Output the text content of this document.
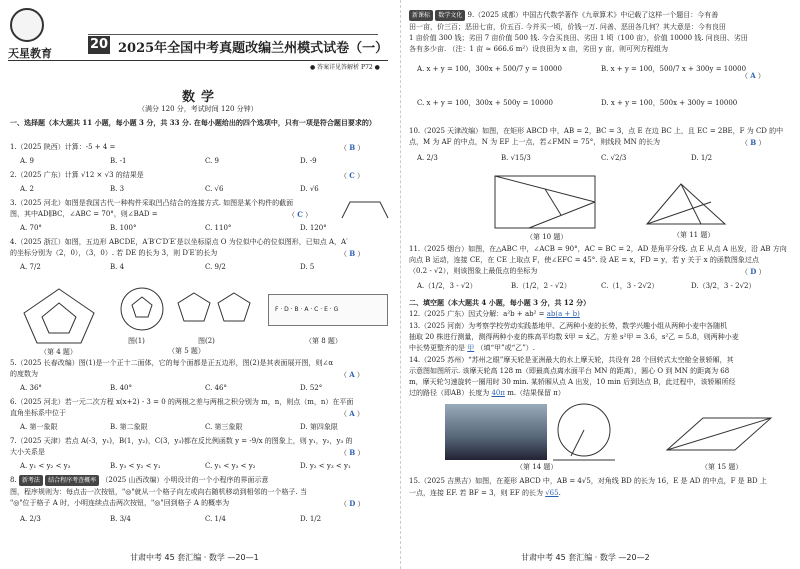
20
天星教育	2025年全国中考真题改编兰州模式试卷（一）
● 答案详见答解析 P72 ●
数学
（满分 120 分，考试时间 120 分钟）
一、选择题（本大题共 11 小题，每小题 3 分，共 33 分. 在每小题给出的四个选项中，只有一项是符合题目要求的）
1.（2025 陕西）计算：-5 + 4 =	（ B ）
A. 9	B. -1	C. 9	D. -9
2.（2025 广东）计算 √12 × √3 的结果是	（ C ）
A. 2	B. 3	C. √6	D. √6
3.（2025 河北）如图是我国古代一种构件采取凹凸结合的连接方式. 如图是某个构件的截面
图，其中AD∥BC，∠ABC = 70°，则∠BAD =	（ C ）
A. 70°	B. 100°	C. 110°	D. 120°
4.（2025 浙江）如图，五边形 ABCDE，A′B′C′D′E′是以坐标原点 O 为位似中心的位似图形，已知点 A，A′
的坐标分别为（2，0），（3，0）. 若 DE 的长为 3，则 D′E′的长为	（ B ）
A. 7/2	B. 4	C. 9/2	D. 5
F · D · B · A · C · E · G
（第 4 题）
图(1)	图(2)
（第 5 题）
（第 8 题）
5.（2025 长春改编）图(1)是一个正十二面体，它的每个面都是正五边形，图(2)是其表面展开图，则∠α
的度数为	（ A ）
A. 36°	B. 40°	C. 46°	D. 52°
6.（2025 河北）若一元二次方程 x(x+2) - 3 = 0 的两根之差与两根之积分别为 m，n，则点（m，n）在平面
直角坐标系中位于	（ A ）
A. 第一象限	B. 第二象限	C. 第三象限	D. 第四象限
7.（2025 天津）若点 A(-3，y₁)，B(1，y₂)，C(3，y₃)都在反比例函数 y = -9/x 的图象上，则 y₁，y₂，y₃ 的
大小关系是	（ B ）
A. y₁ < y₂ < y₃	B. y₃ < y₂ < y₁	C. y₁ < y₃ < y₂	D. y₂ < y₃ < y₁
8. 新考法 结合程序考查概率 （2025 山西改编）小明设计的一个小程序的界面示意
图，程序规则为：每点击一次按钮，"◎"就从一个格子向左或向右随机移动到相邻的一个格子. 当
"◎"位于格子 A 时，小明连续点击两次按钮，"◎"回到格子 A 的概率为	（ D ）
A. 2/3	B. 3/4	C. 1/4	D. 1/2
甘肃中考 45 套汇编 · 数学 —20—1
新课标 数学文化 9.（2025 成都）中国古代数学著作《九章算术》中记载了这样一个题目：今有善
田一亩，价三百；恶田七亩，价五百. 今并买一顷，价钱一万. 问善、恶田各几何？其大意是：今有良田
1 亩价值 300 钱；劣田 7 亩价值 500 钱. 今合买良田、劣田 1 顷（100 亩），价值 10000 钱. 问良田、劣田
各有多少亩. （注：1 亩 ≈ 666.6 m²）设良田为 x 亩，劣田 y 亩，则可列方程组为
（ A ）
A. x + y = 100，300x + 500/7 y = 10000	B. x + y = 100，500/7 x + 300y = 10000
C. x + y = 100，300x + 500y = 10000	D. x + y = 100，500x + 300y = 10000
10.（2025 天津改编）如图，在矩形 ABCD 中，AB = 2，BC = 3，点 E 在边 BC 上，且 EC = 2BE，F 为 CD 的中
点，M 为 AF 的中点，N 为 EF 上一点，若∠FMN = 75°，则线段 MN 的长为	（ B ）
A. 2/3	B. √15/3	C. √2/3	D. 1/2
（第 10 题）	（第 11 题）
11.（2025 烟台）如图，在△ABC 中，∠ACB = 90°，AC = BC = 2，AD 是角平分线. 点 E 从点 A 出发，沿 AB 方向
向点 B 运动，连接 CE，在 CE 上取点 F，使∠EFC = 45°. 设 AE = x，FD = y，若 y 关于 x 的函数图象过点
（0.2 - √2），则该图象上最低点的坐标为	（ D ）
A.（1/2，3 - √2）	B.（1/2，2 - √2）	C.（1，3 - 2√2）	D.（3/2，3 - 2√2）
二、填空题（本大题共 4 小题，每小题 3 分，共 12 分）
12.（2025 广东）因式分解：a²b + ab² = ab(a + b)
13.（2025 河南）为考察学校劳动实践基地甲、乙两种小麦的长势，数学兴趣小组从两种小麦中各随机
抽取 20 株进行测量，测得两种小麦的株高平均数 x̄甲 = x̄乙，方差 s²甲 = 3.6，s²乙 = 5.8，则两种小麦
中长势更整齐的是 甲 （填“甲”或“乙”）.
14.（2025 苏州）“苏州之眼”摩天轮是亚洲最大的水上摩天轮，共设有 28 个回转式太空舱全景轿厢，其
示意图如图所示. 该摩天轮高 128 m（即最高点离水面平台 MN 的距离），圆心 O 到 MN 的距离为 68
m，摩天轮匀速旋转一圈用时 30 min. 某轿厢从点 A 出发，10 min 后到达点 B，此过程中，该轿厢所经
过的路径（即AB）长度为 40π m.（结果保留 π）
（第 14 题）	（第 15 题）
15.（2025 吉黑吉）如图，在菱形 ABCD 中，AB = 4√5，对角线 BD 的长为 16，E 是 AD 的中点，F 是 BD 上
一点，连接 EF. 若 BF = 3，则 EF 的长为 √65.
甘肃中考 45 套汇编 · 数学 —20—2
